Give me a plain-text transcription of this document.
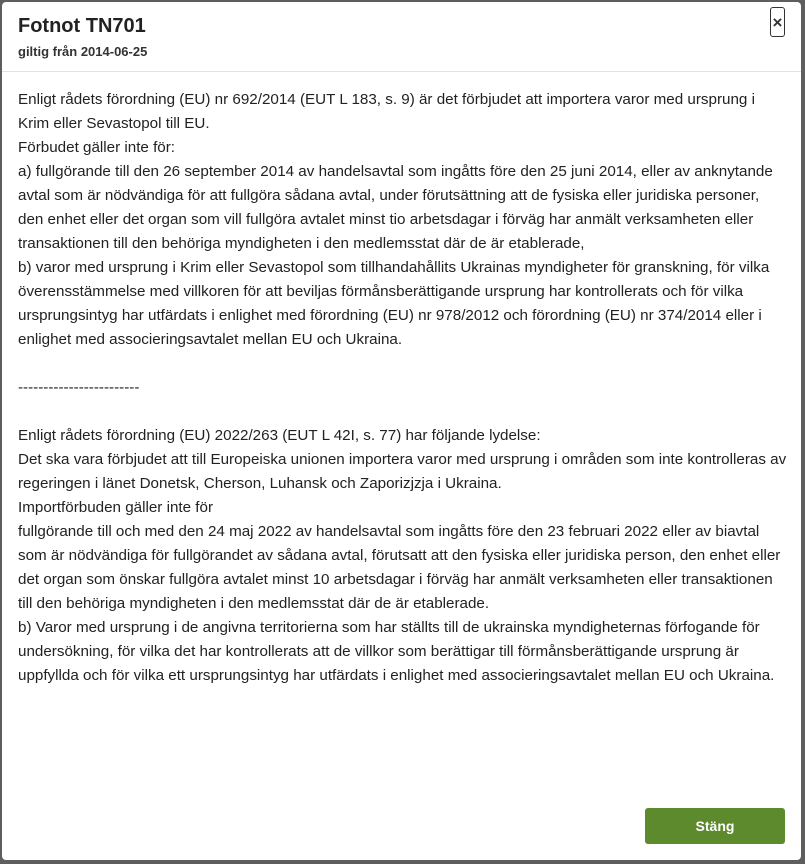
Fotnot TN701
giltig från 2014-06-25
×

Enligt rådets förordning (EU) nr 692/2014 (EUT L 183, s. 9) är det förbjudet att importera varor med ursprung i Krim eller Sevastopol till EU.

Förbudet gäller inte för:

a) fullgörande till den 26 september 2014 av handelsavtal som ingåtts före den 25 juni 2014, eller av anknytande avtal som är nödvändiga för att fullgöra sådana avtal, under förutsättning att de fysiska eller juridiska personer, den enhet eller det organ som vill fullgöra avtalet minst tio arbetsdagar i förväg har anmält verksamheten eller transaktionen till den behöriga myndigheten i den medlemsstat där de är etablerade,

b) varor med ursprung i Krim eller Sevastopol som tillhandahållits Ukrainas myndigheter för granskning, för vilka överensstämmelse med villkoren för att beviljas förmånsberättigande ursprung har kontrollerats och för vilka ursprungsintyg har utfärdats i enlighet med förordning (EU) nr 978/2012 och förordning (EU) nr 374/2014 eller i enlighet med associeringsavtalet mellan EU och Ukraina.

------------------------

Enligt rådets förordning (EU) 2022/263 (EUT L 42I, s. 77) har följande lydelse:

Det ska vara förbjudet att till Europeiska unionen importera varor med ursprung i områden som inte kontrolleras av regeringen i länet Donetsk, Cherson, Luhansk och Zaporizjzja i Ukraina.

Importförbuden gäller inte för

fullgörande till och med den 24 maj 2022 av handelsavtal som ingåtts före den 23 februari 2022 eller av biavtal som är nödvändiga för fullgörandet av sådana avtal, förutsatt att den fysiska eller juridiska person, den enhet eller det organ som önskar fullgöra avtalet minst 10 arbetsdagar i förväg har anmält verksamheten eller transaktionen till den behöriga myndigheten i den medlemsstat där de är etablerade.

b) Varor med ursprung i de angivna territorierna som har ställts till de ukrainska myndigheternas förfogande för undersökning, för vilka det har kontrollerats att de villkor som berättigar till förmånsberättigande ursprung är uppfyllda och för vilka ett ursprungsintyg har utfärdats i enlighet med associeringsavtalet mellan EU och Ukraina.

Stäng
